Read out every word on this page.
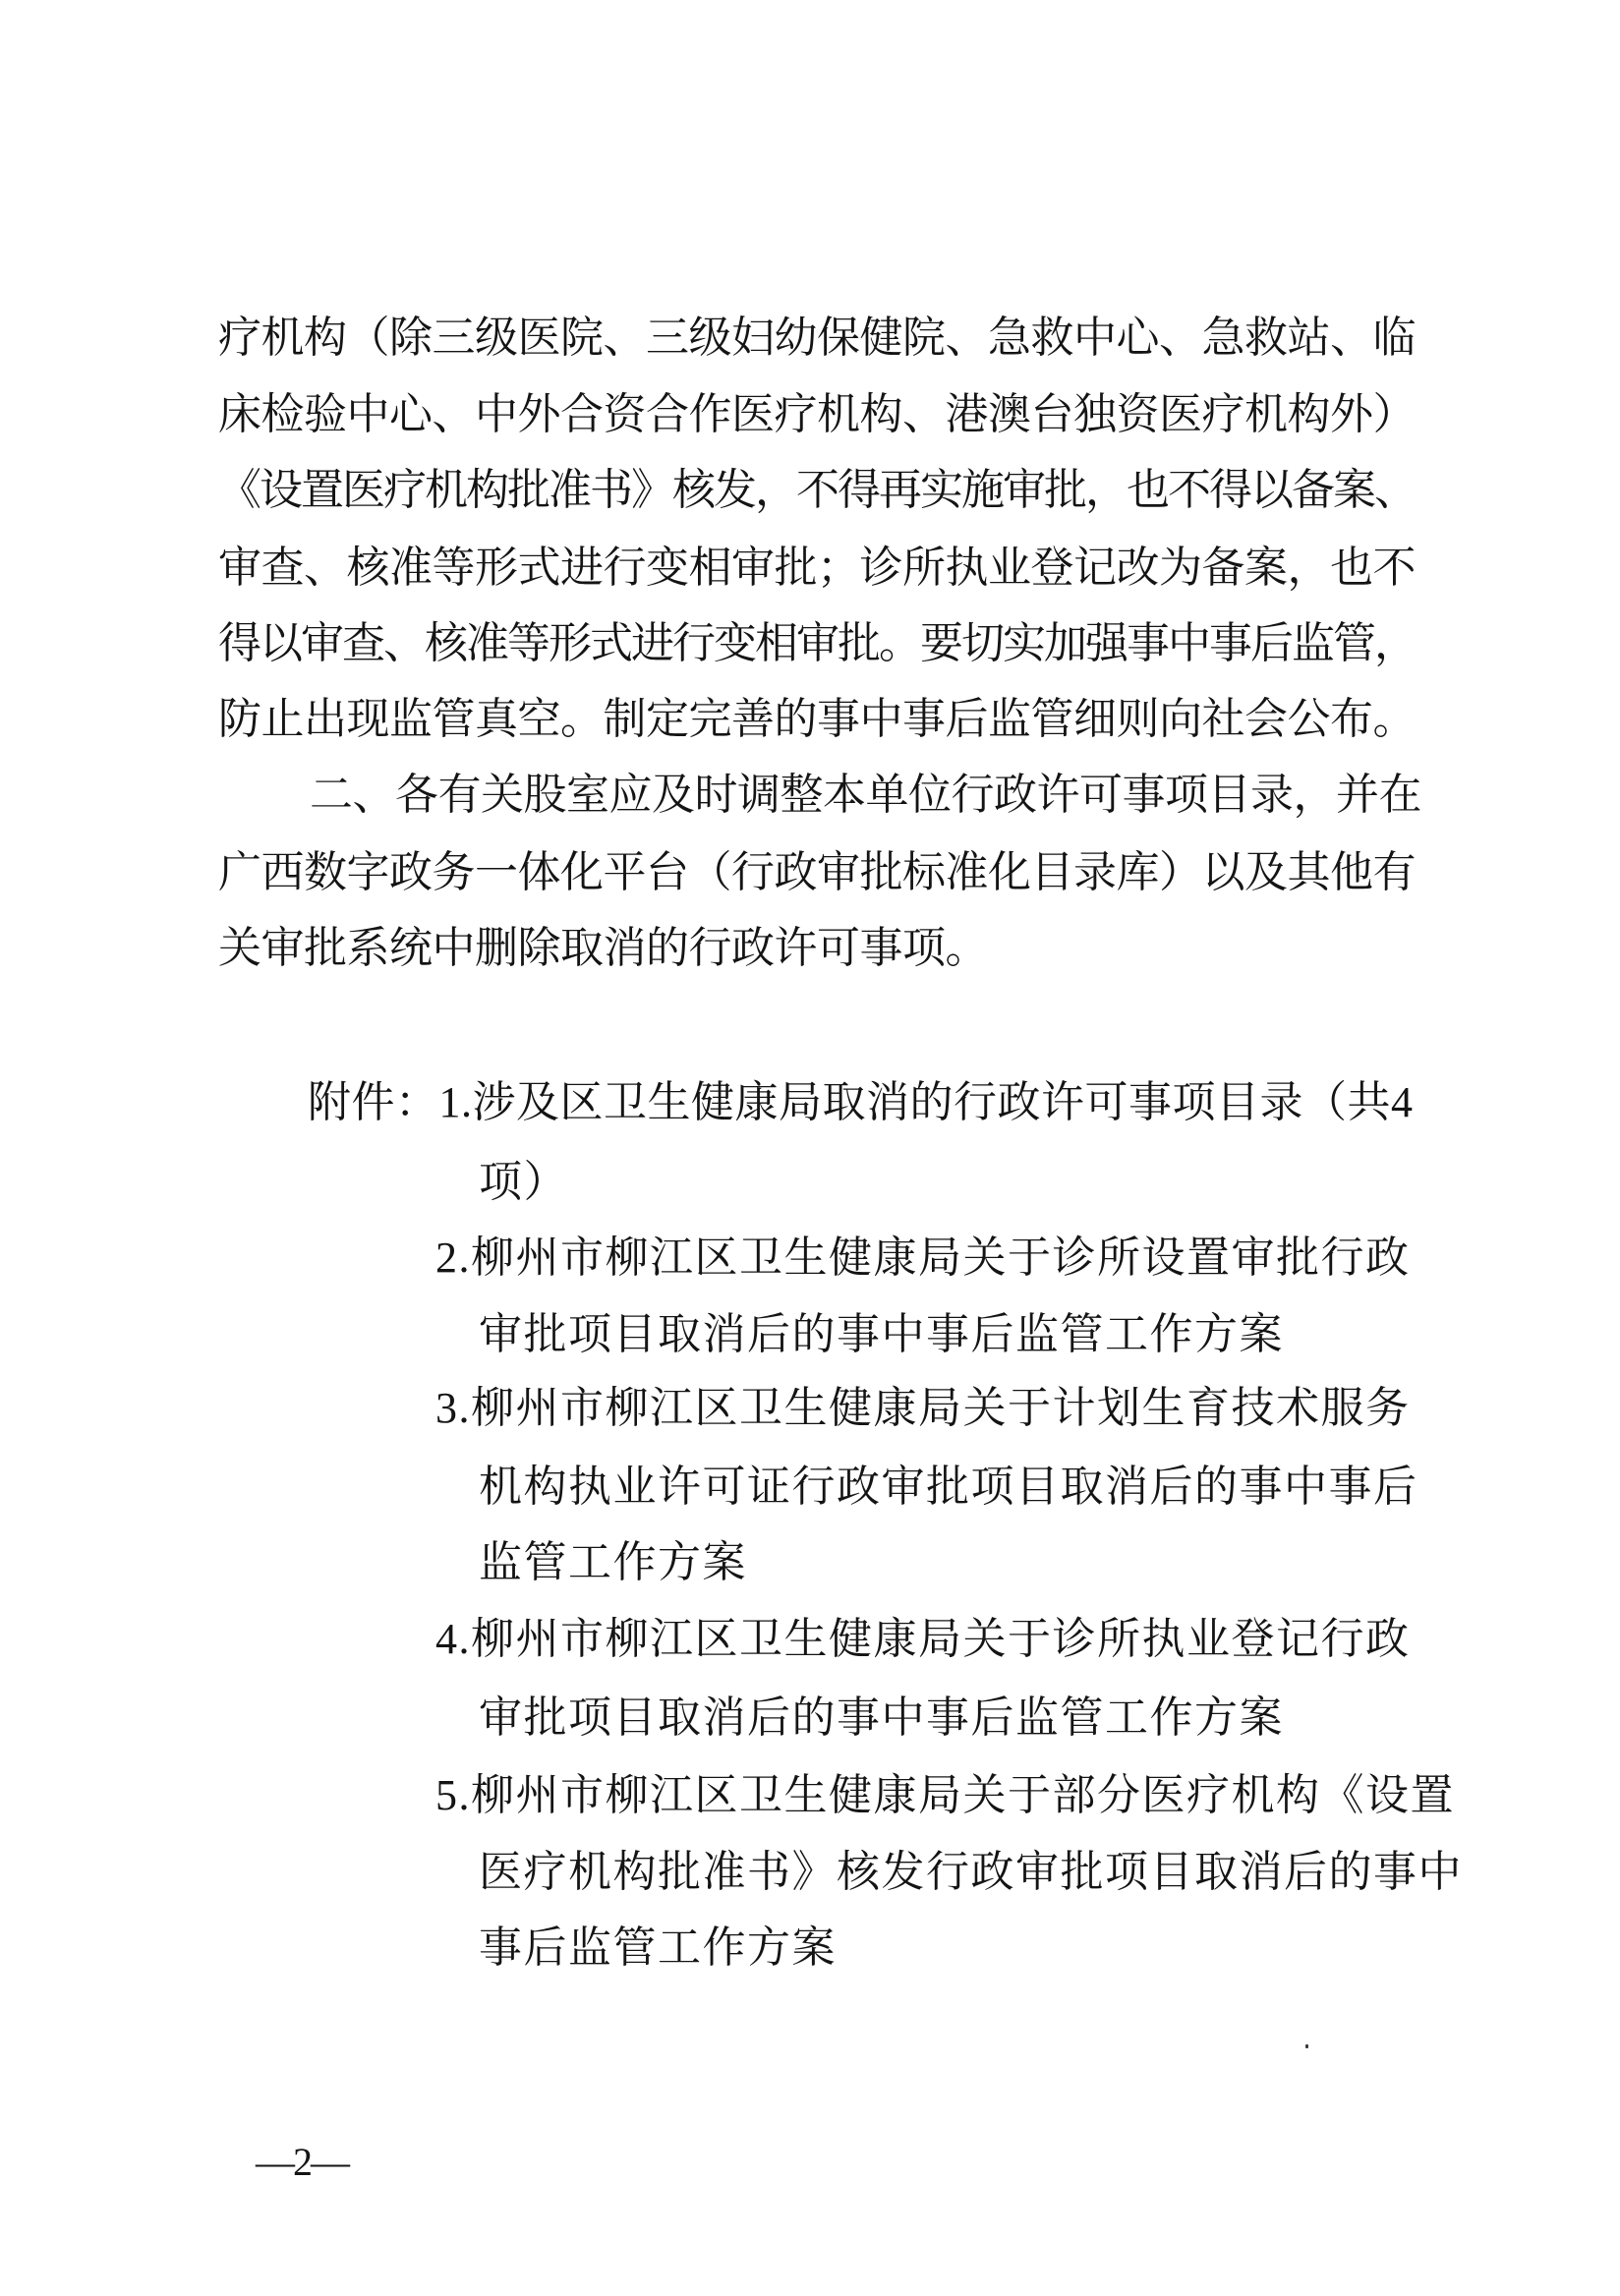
疗机构（除三级医院、三级妇幼保健院、急救中心、急救站、临
床检验中心、中外合资合作医疗机构、港澳台独资医疗机构外）
《设置医疗机构批准书》核发，不得再实施审批，也不得以备案、
审查、核准等形式进行变相审批；诊所执业登记改为备案，也不
得以审查、核准等形式进行变相审批。要切实加强事中事后监管，
防止出现监管真空。制定完善的事中事后监管细则向社会公布。
二、各有关股室应及时调整本单位行政许可事项目录，并在
广西数字政务一体化平台（行政审批标准化目录库）以及其他有
关审批系统中删除取消的行政许可事项。
附件：1.涉及区卫生健康局取消的行政许可事项目录（共4
项）
2.柳州市柳江区卫生健康局关于诊所设置审批行政
审批项目取消后的事中事后监管工作方案
3.柳州市柳江区卫生健康局关于计划生育技术服务
机构执业许可证行政审批项目取消后的事中事后
监管工作方案
4.柳州市柳江区卫生健康局关于诊所执业登记行政
审批项目取消后的事中事后监管工作方案
5.柳州市柳江区卫生健康局关于部分医疗机构《设置
医疗机构批准书》核发行政审批项目取消后的事中
事后监管工作方案
—2—
